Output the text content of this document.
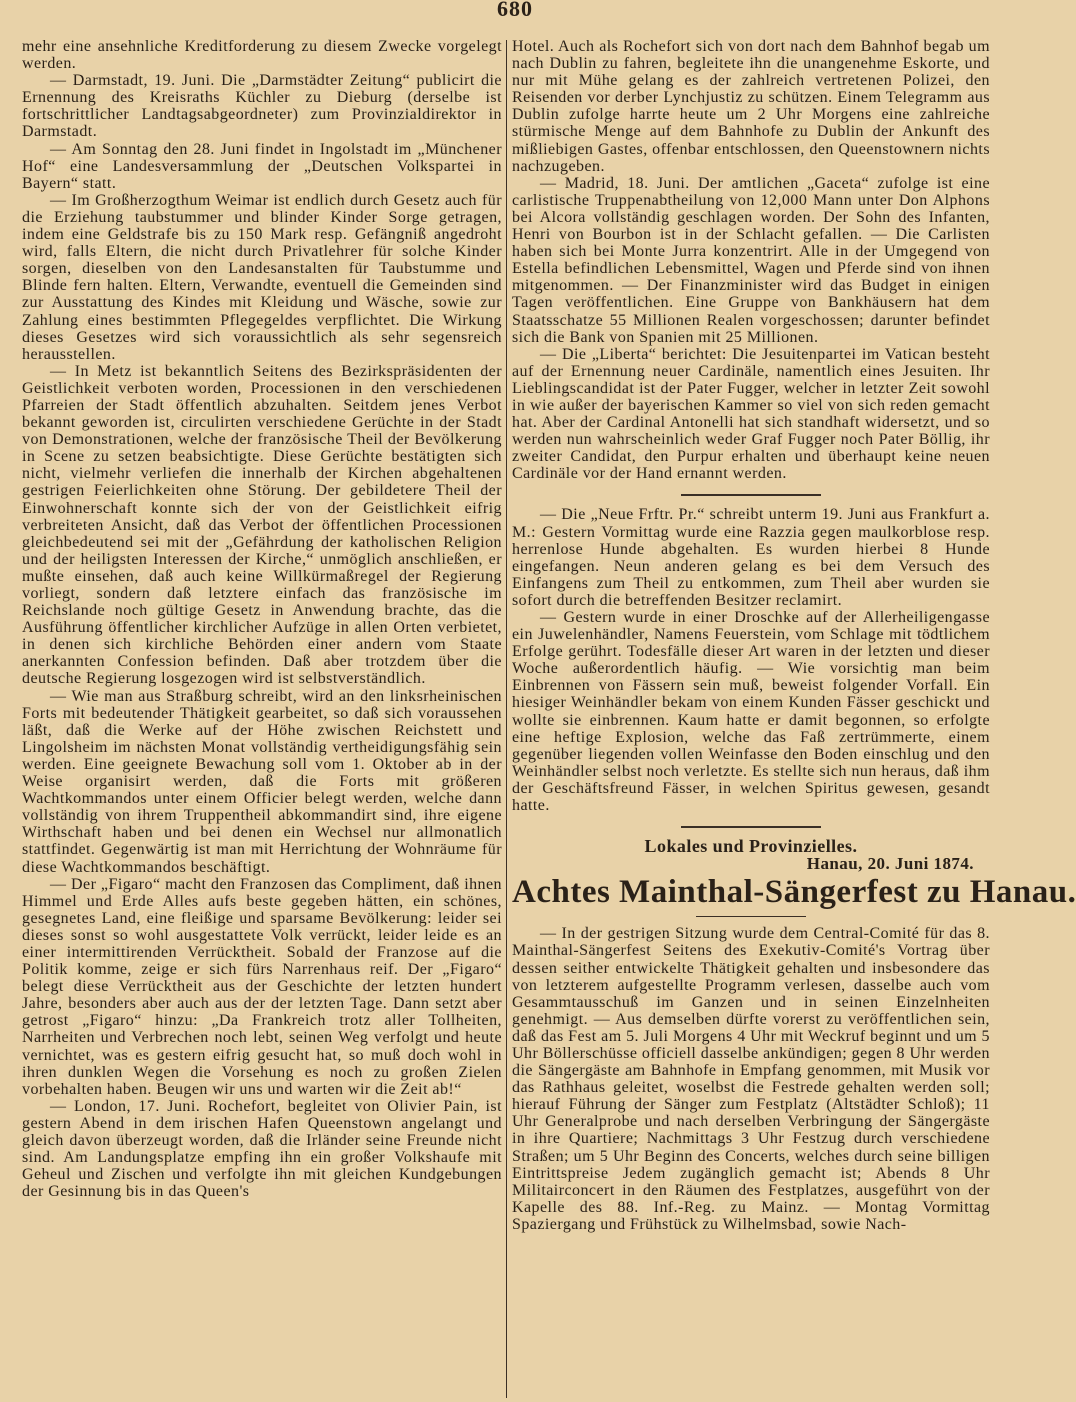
680

mehr eine ansehnliche Kreditforderung zu diesem Zwecke vorgelegt werden.

— Darmstadt, 19. Juni. Die „Darmstädter Zeitung“ publicirt die Ernennung des Kreisraths Küchler zu Dieburg (derselbe ist fortschrittlicher Landtagsabgeordneter) zum Provinzialdirektor in Darmstadt.

— Am Sonntag den 28. Juni findet in Ingolstadt im „Münchener Hof“ eine Landesversammlung der „Deutschen Volkspartei in Bayern“ statt.

— Im Großherzogthum Weimar ist endlich durch Gesetz auch für die Erziehung taubstummer und blinder Kinder Sorge getragen, indem eine Geldstrafe bis zu 150 Mark resp. Gefängniß angedroht wird, falls Eltern, die nicht durch Privatlehrer für solche Kinder sorgen, dieselben von den Landesanstalten für Taubstumme und Blinde fern halten. Eltern, Verwandte, eventuell die Gemeinden sind zur Ausstattung des Kindes mit Kleidung und Wäsche, sowie zur Zahlung eines bestimmten Pflegegeldes verpflichtet. Die Wirkung dieses Gesetzes wird sich voraussichtlich als sehr segensreich herausstellen.

— In Metz ist bekanntlich Seitens des Bezirkspräsidenten der Geistlichkeit verboten worden, Processionen in den verschiedenen Pfarreien der Stadt öffentlich abzuhalten. Seitdem jenes Verbot bekannt geworden ist, circulirten verschiedene Gerüchte in der Stadt von Demonstrationen, welche der französische Theil der Bevölkerung in Scene zu setzen beabsichtigte. Diese Gerüchte bestätigten sich nicht, vielmehr verliefen die innerhalb der Kirchen abgehaltenen gestrigen Feierlichkeiten ohne Störung. Der gebildetere Theil der Einwohnerschaft konnte sich der von der Geistlichkeit eifrig verbreiteten Ansicht, daß das Verbot der öffentlichen Processionen gleichbedeutend sei mit der „Gefährdung der katholischen Religion und der heiligsten Interessen der Kirche,“ unmöglich anschließen, er mußte einsehen, daß auch keine Willkürmaßregel der Regierung vorliegt, sondern daß letztere einfach das französische im Reichslande noch gültige Gesetz in Anwendung brachte, das die Ausführung öffentlicher kirchlicher Aufzüge in allen Orten verbietet, in denen sich kirchliche Behörden einer andern vom Staate anerkannten Confession befinden. Daß aber trotzdem über die deutsche Regierung losgezogen wird ist selbstverständlich.

— Wie man aus Straßburg schreibt, wird an den linksrheinischen Forts mit bedeutender Thätigkeit gearbeitet, so daß sich voraussehen läßt, daß die Werke auf der Höhe zwischen Reichstett und Lingolsheim im nächsten Monat vollständig vertheidigungsfähig sein werden. Eine geeignete Bewachung soll vom 1. Oktober ab in der Weise organisirt werden, daß die Forts mit größeren Wachtkommandos unter einem Officier belegt werden, welche dann vollständig von ihrem Truppentheil abkommandirt sind, ihre eigene Wirthschaft haben und bei denen ein Wechsel nur allmonatlich stattfindet. Gegenwärtig ist man mit Herrichtung der Wohnräume für diese Wachtkommandos beschäftigt.

— Der „Figaro“ macht den Franzosen das Compliment, daß ihnen Himmel und Erde Alles aufs beste gegeben hätten, ein schönes, gesegnetes Land, eine fleißige und sparsame Bevölkerung: leider sei dieses sonst so wohl ausgestattete Volk verrückt, leider leide es an einer intermittirenden Verrücktheit. Sobald der Franzose auf die Politik komme, zeige er sich fürs Narrenhaus reif. Der „Figaro“ belegt diese Verrücktheit aus der Geschichte der letzten hundert Jahre, besonders aber auch aus der der letzten Tage. Dann setzt aber getrost „Figaro“ hinzu: „Da Frankreich trotz aller Tollheiten, Narrheiten und Verbrechen noch lebt, seinen Weg verfolgt und heute vernichtet, was es gestern eifrig gesucht hat, so muß doch wohl in ihren dunklen Wegen die Vorsehung es noch zu großen Zielen vorbehalten haben. Beugen wir uns und warten wir die Zeit ab!“

— London, 17. Juni. Rochefort, begleitet von Olivier Pain, ist gestern Abend in dem irischen Hafen Queenstown angelangt und gleich davon überzeugt worden, daß die Irländer seine Freunde nicht sind. Am Landungsplatze empfing ihn ein großer Volkshaufe mit Geheul und Zischen und verfolgte ihn mit gleichen Kundgebungen der Gesinnung bis in das Queen's

Hotel. Auch als Rochefort sich von dort nach dem Bahnhof begab um nach Dublin zu fahren, begleitete ihn die unangenehme Eskorte, und nur mit Mühe gelang es der zahlreich vertretenen Polizei, den Reisenden vor derber Lynchjustiz zu schützen. Einem Telegramm aus Dublin zufolge harrte heute um 2 Uhr Morgens eine zahlreiche stürmische Menge auf dem Bahnhofe zu Dublin der Ankunft des mißliebigen Gastes, offenbar entschlossen, den Queenstownern nichts nachzugeben.

— Madrid, 18. Juni. Der amtlichen „Gaceta“ zufolge ist eine carlistische Truppenabtheilung von 12,000 Mann unter Don Alphons bei Alcora vollständig geschlagen worden. Der Sohn des Infanten, Henri von Bourbon ist in der Schlacht gefallen. — Die Carlisten haben sich bei Monte Jurra konzentrirt. Alle in der Umgegend von Estella befindlichen Lebensmittel, Wagen und Pferde sind von ihnen mitgenommen. — Der Finanzminister wird das Budget in einigen Tagen veröffentlichen. Eine Gruppe von Bankhäusern hat dem Staatsschatze 55 Millionen Realen vorgeschossen; darunter befindet sich die Bank von Spanien mit 25 Millionen.

— Die „Liberta“ berichtet: Die Jesuitenpartei im Vatican besteht auf der Ernennung neuer Cardinäle, namentlich eines Jesuiten. Ihr Lieblingscandidat ist der Pater Fugger, welcher in letzter Zeit sowohl in wie außer der bayerischen Kammer so viel von sich reden gemacht hat. Aber der Cardinal Antonelli hat sich standhaft widersetzt, und so werden nun wahrscheinlich weder Graf Fugger noch Pater Böllig, ihr zweiter Candidat, den Purpur erhalten und überhaupt keine neuen Cardinäle vor der Hand ernannt werden.

— Die „Neue Frftr. Pr.“ schreibt unterm 19. Juni aus Frankfurt a. M.: Gestern Vormittag wurde eine Razzia gegen maulkorblose resp. herrenlose Hunde abgehalten. Es wurden hierbei 8 Hunde eingefangen. Neun anderen gelang es bei dem Versuch des Einfangens zum Theil zu entkommen, zum Theil aber wurden sie sofort durch die betreffenden Besitzer reclamirt.

— Gestern wurde in einer Droschke auf der Allerheiligengasse ein Juwelenhändler, Namens Feuerstein, vom Schlage mit tödtlichem Erfolge gerührt. Todesfälle dieser Art waren in der letzten und dieser Woche außerordentlich häufig. — Wie vorsichtig man beim Einbrennen von Fässern sein muß, beweist folgender Vorfall. Ein hiesiger Weinhändler bekam von einem Kunden Fässer geschickt und wollte sie einbrennen. Kaum hatte er damit begonnen, so erfolgte eine heftige Explosion, welche das Faß zertrümmerte, einem gegenüber liegenden vollen Weinfasse den Boden einschlug und den Weinhändler selbst noch verletzte. Es stellte sich nun heraus, daß ihm der Geschäftsfreund Fässer, in welchen Spiritus gewesen, gesandt hatte.

Lokales und Provinzielles.
Hanau, 20. Juni 1874.
Achtes Mainthal-Sängerfest zu Hanau.

— In der gestrigen Sitzung wurde dem Central-Comité für das 8. Mainthal-Sängerfest Seitens des Exekutiv-Comité's Vortrag über dessen seither entwickelte Thätigkeit gehalten und insbesondere das von letzterem aufgestellte Programm verlesen, dasselbe auch vom Gesammtausschuß im Ganzen und in seinen Einzelnheiten genehmigt. — Aus demselben dürfte vorerst zu veröffentlichen sein, daß das Fest am 5. Juli Morgens 4 Uhr mit Weckruf beginnt und um 5 Uhr Böllerschüsse officiell dasselbe ankündigen; gegen 8 Uhr werden die Sängergäste am Bahnhofe in Empfang genommen, mit Musik vor das Rathhaus geleitet, woselbst die Festrede gehalten werden soll; hierauf Führung der Sänger zum Festplatz (Altstädter Schloß); 11 Uhr Generalprobe und nach derselben Verbringung der Sängergäste in ihre Quartiere; Nachmittags 3 Uhr Festzug durch verschiedene Straßen; um 5 Uhr Beginn des Concerts, welches durch seine billigen Eintrittspreise Jedem zugänglich gemacht ist; Abends 8 Uhr Militairconcert in den Räumen des Festplatzes, ausgeführt von der Kapelle des 88. Inf.-Reg. zu Mainz. — Montag Vormittag Spaziergang und Frühstück zu Wilhelmsbad, sowie Nach-
